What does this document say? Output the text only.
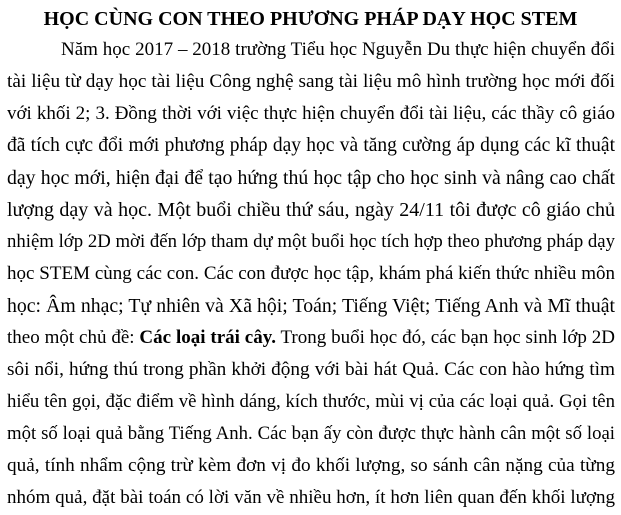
HỌC CÙNG CON THEO PHƯƠNG PHÁP DẠY HỌC STEM
Năm học 2017 – 2018 trường Tiểu học Nguyễn Du thực hiện chuyển đổi
tài liệu từ dạy học tài liệu Công nghệ sang tài liệu mô hình trường học mới đối
với khối 2; 3. Đồng thời với việc thực hiện chuyển đổi tài liệu, các thầy cô giáo
đã tích cực đổi mới phương pháp dạy học và tăng cường áp dụng các kĩ thuật
dạy học mới, hiện đại để tạo hứng thú học tập cho học sinh và nâng cao chất
lượng dạy và học. Một buổi chiều thứ sáu, ngày 24/11 tôi được cô giáo chủ
nhiệm lớp 2D mời đến lớp tham dự một buổi học tích hợp theo phương pháp dạy
học STEM cùng các con. Các con được học tập, khám phá kiến thức nhiều môn
học: Âm nhạc; Tự nhiên và Xã hội; Toán; Tiếng Việt; Tiếng Anh và Mĩ thuật
theo một chủ đề: Các loại trái cây. Trong buổi học đó, các bạn học sinh lớp 2D
sôi nổi, hứng thú trong phần khởi động với bài hát Quả. Các con hào hứng tìm
hiểu tên gọi, đặc điểm về hình dáng, kích thước, mùi vị của các loại quả. Gọi tên
một số loại quả bằng Tiếng Anh. Các bạn ấy còn được thực hành cân một số loại
quả, tính nhẩm cộng trừ kèm đơn vị đo khối lượng, so sánh cân nặng của từng
nhóm quả, đặt bài toán có lời văn về nhiều hơn, ít hơn liên quan đến khối lượng
